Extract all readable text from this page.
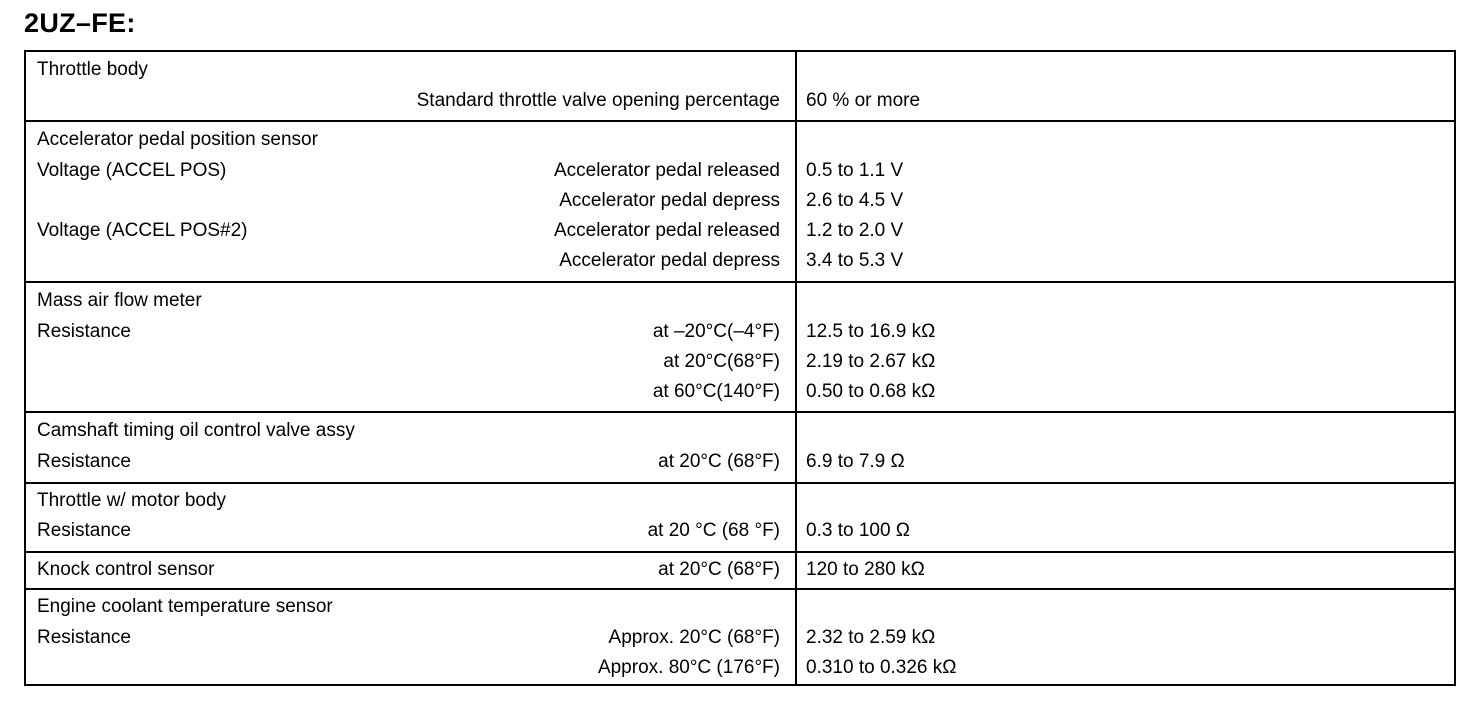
2UZ–FE:
Throttle body
Standard throttle valve opening percentage 60 % or more
Accelerator pedal position sensor
Voltage (ACCEL POS)	Accelerator pedal released 0.5 to 1.1 V
Accelerator pedal depress 2.6 to 4.5 V
Voltage (ACCEL POS#2)	Accelerator pedal released 1.2 to 2.0 V
Accelerator pedal depress 3.4 to 5.3 V
Mass air flow meter
Resistance	at –20°C(–4°F) 12.5 to 16.9 kΩ
at 20°C(68°F) 2.19 to 2.67 kΩ
at 60°C(140°F) 0.50 to 0.68 kΩ
Camshaft timing oil control valve assy
Resistance	at 20°C (68°F) 6.9 to 7.9 Ω
Throttle w/ motor body
Resistance	at 20 °C (68 °F) 0.3 to 100 Ω
Knock control sensor	at 20°C (68°F) 120 to 280 kΩ
Engine coolant temperature sensor
Resistance	Approx. 20°C (68°F) 2.32 to 2.59 kΩ
Approx. 80°C (176°F) 0.310 to 0.326 kΩ
